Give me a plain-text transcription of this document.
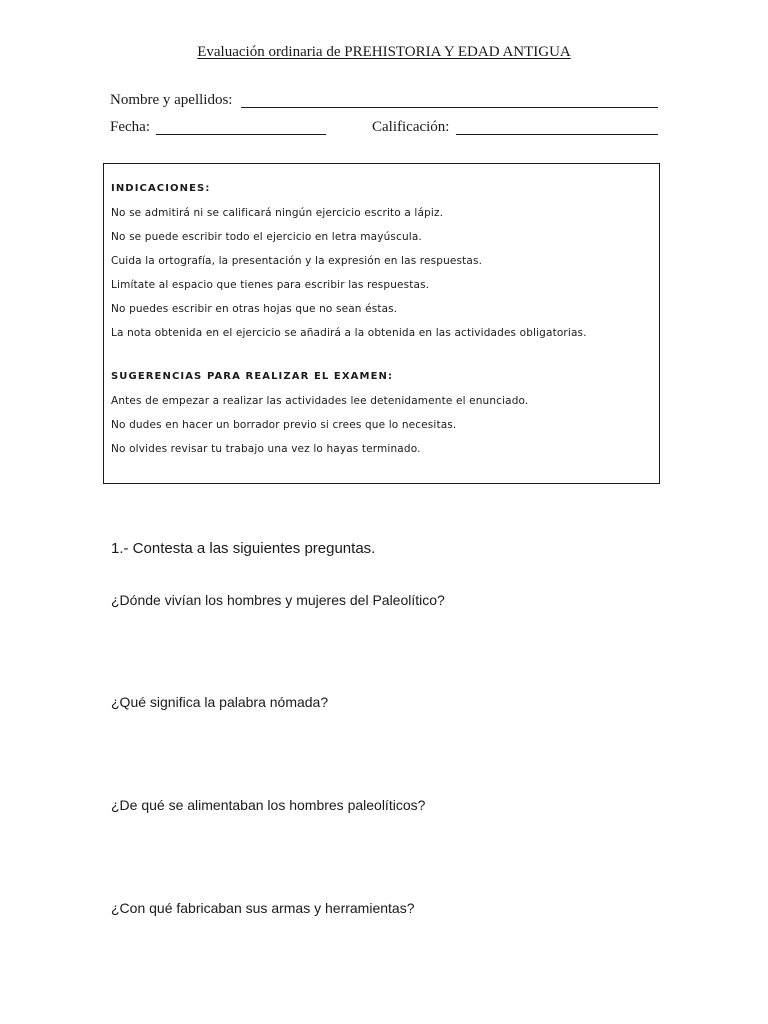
Evaluación ordinaria de PREHISTORIA Y EDAD ANTIGUA
Nombre y apellidos:
Fecha:	Calificación:
INDICACIONES:
No se admitirá ni se calificará ningún ejercicio escrito a lápiz.
No se puede escribir todo el ejercicio en letra mayúscula.
Cuida la ortografía, la presentación y la expresión en las respuestas.
Limítate al espacio que tienes para escribir las respuestas.
No puedes escribir en otras hojas que no sean éstas.
La nota obtenida en el ejercicio se añadirá a la obtenida en las actividades obligatorias.
SUGERENCIAS PARA REALIZAR EL EXAMEN:
Antes de empezar a realizar las actividades lee detenidamente el enunciado.
No dudes en hacer un borrador previo si crees que lo necesitas.
No olvides revisar tu trabajo una vez lo hayas terminado.
1.- Contesta a las siguientes preguntas.
¿Dónde vivían los hombres y mujeres del Paleolítico?
¿Qué significa la palabra nómada?
¿De qué se alimentaban los hombres paleolíticos?
¿Con qué fabricaban sus armas y herramientas?
